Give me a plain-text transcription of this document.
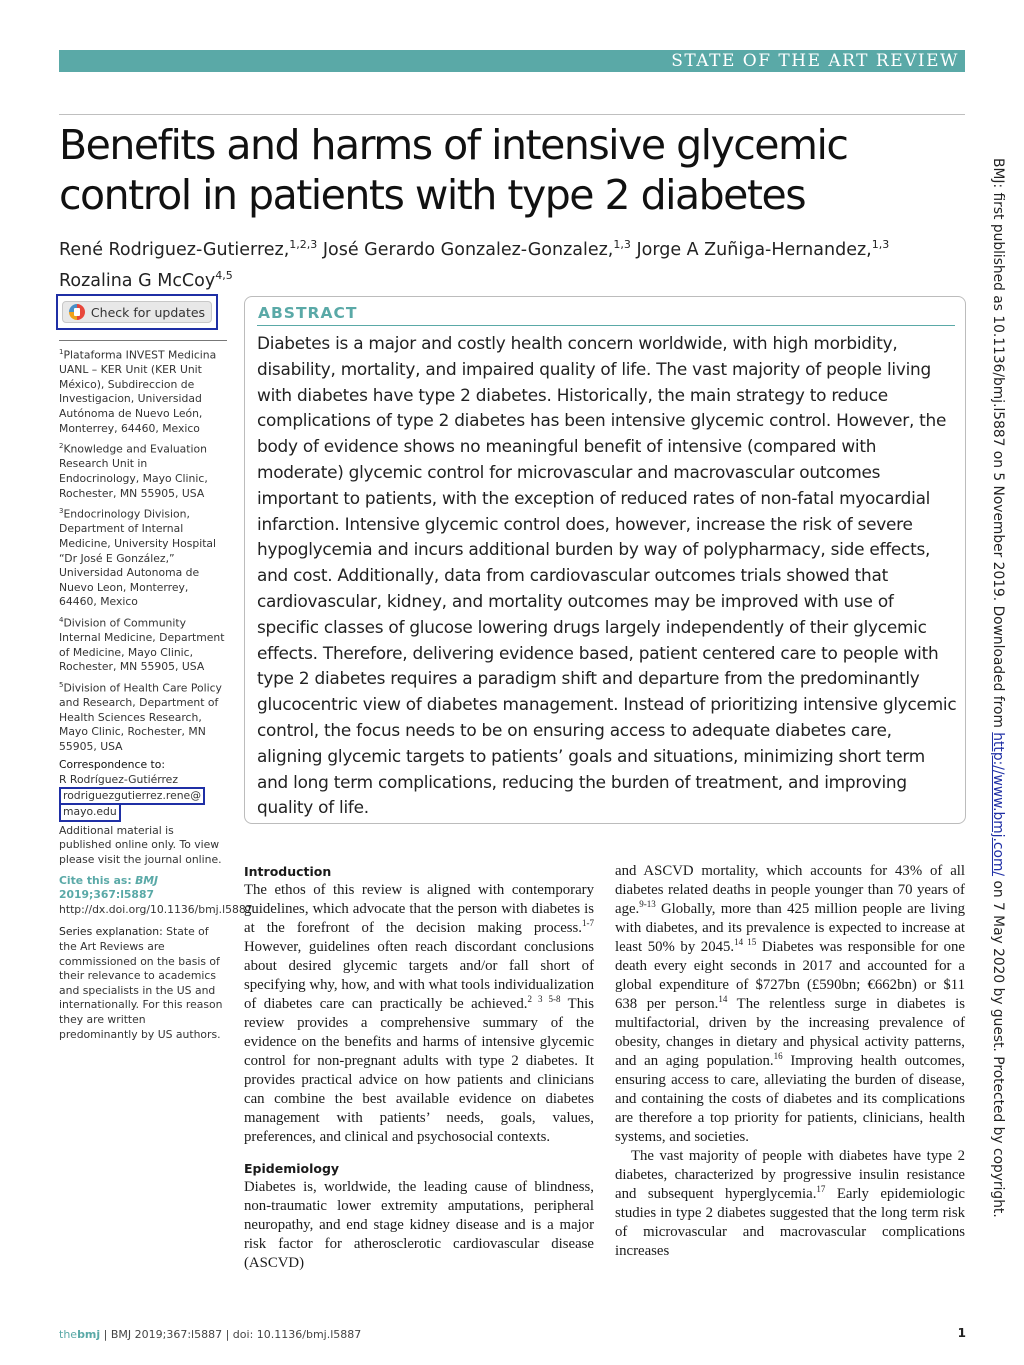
STATE OF THE ART REVIEW
Benefits and harms of intensive glycemic control in patients with type 2 diabetes
René Rodriguez-Gutierrez,$^{1,2,3}$ José Gerardo Gonzalez-Gonzalez,$^{1,3}$ Jorge A Zuñiga-Hernandez,$^{1,3}$
Rozalina G McCoy$^{4,5}$
Check for updates

$^1$Plataforma INVEST Medicina UANL – KER Unit (KER Unit México), Subdireccion de Investigacion, Universidad Autónoma de Nuevo León, Monterrey, 64460, Mexico

$^2$Knowledge and Evaluation Research Unit in Endocrinology, Mayo Clinic, Rochester, MN 55905, USA

$^3$Endocrinology Division, Department of Internal Medicine, University Hospital “Dr José E González,” Universidad Autonoma de Nuevo Leon, Monterrey, 64460, Mexico

$^4$Division of Community Internal Medicine, Department of Medicine, Mayo Clinic, Rochester, MN 55905, USA

$^5$Division of Health Care Policy and Research, Department of Health Sciences Research, Mayo Clinic, Rochester, MN 55905, USA

Correspondence to:
R Rodríguez-Gutiérrez
rodriguezgutierrez.rene@
mayo.edu

Additional material is published online only. To view please visit the journal online.

Cite this as: BMJ 2019;367:l5887
http://dx.doi.org/10.1136/bmj.l5887

Series explanation: State of the Art Reviews are commissioned on the basis of their relevance to academics and specialists in the US and internationally. For this reason they are written predominantly by US authors.

ABSTRACT

Diabetes is a major and costly health concern worldwide, with high morbidity, disability, mortality, and impaired quality of life. The vast majority of people living with diabetes have type 2 diabetes. Historically, the main strategy to reduce complications of type 2 diabetes has been intensive glycemic control. However, the body of evidence shows no meaningful benefit of intensive (compared with moderate) glycemic control for microvascular and macrovascular outcomes important to patients, with the exception of reduced rates of non-fatal myocardial infarction. Intensive glycemic control does, however, increase the risk of severe hypoglycemia and incurs additional burden by way of polypharmacy, side effects, and cost. Additionally, data from cardiovascular outcomes trials showed that cardiovascular, kidney, and mortality outcomes may be improved with use of specific classes of glucose lowering drugs largely independently of their glycemic effects. Therefore, delivering evidence based, patient centered care to people with type 2 diabetes requires a paradigm shift and departure from the predominantly glucocentric view of diabetes management. Instead of prioritizing intensive glycemic control, the focus needs to be on ensuring access to adequate diabetes care, aligning glycemic targets to patients’ goals and situations, minimizing short term and long term complications, reducing the burden of treatment, and improving quality of life.

Introduction

The ethos of this review is aligned with contemporary guidelines, which advocate that the person with diabetes is at the forefront of the decision making process.$^{1-7}$ However, guidelines often reach discordant conclusions about desired glycemic targets and/or fall short of specifying why, how, and with what tools individualization of diabetes care can practically be achieved.$^{2 3 5-8}$ This review provides a comprehensive summary of the evidence on the benefits and harms of intensive glycemic control for non-pregnant adults with type 2 diabetes. It provides practical advice on how patients and clinicians can combine the best available evidence on diabetes management with patients’ needs, goals, values, preferences, and clinical and psychosocial contexts.

Epidemiology

Diabetes is, worldwide, the leading cause of blindness, non-traumatic lower extremity amputations, peripheral neuropathy, and end stage kidney disease and is a major risk factor for atherosclerotic cardiovascular disease (ASCVD)

and ASCVD mortality, which accounts for 43% of all diabetes related deaths in people younger than 70 years of age.$^{9-13}$ Globally, more than 425 million people are living with diabetes, and its prevalence is expected to increase at least 50% by 2045.$^{14 15}$ Diabetes was responsible for one death every eight seconds in 2017 and accounted for a global expenditure of $727bn (£590bn; €662bn) or $11 638 per person.$^{14}$ The relentless surge in diabetes is multifactorial, driven by the increasing prevalence of obesity, changes in dietary and physical activity patterns, and an aging population.$^{16}$ Improving health outcomes, ensuring access to care, alleviating the burden of disease, and containing the costs of diabetes and its complications are therefore a top priority for patients, clinicians, health systems, and societies.

The vast majority of people with diabetes have type 2 diabetes, characterized by progressive insulin resistance and subsequent hyperglycemia.$^{17}$ Early epidemiologic studies in type 2 diabetes suggested that the long term risk of microvascular and macrovascular complications increases

BMJ: first published as 10.1136/bmj.l5887 on 5 November 2019. Downloaded from http://www.bmj.com/ on 7 May 2020 by guest. Protected by copyright.
thebmj | BMJ 2019;367:l5887 | doi: 10.1136/bmj.l5887	1
